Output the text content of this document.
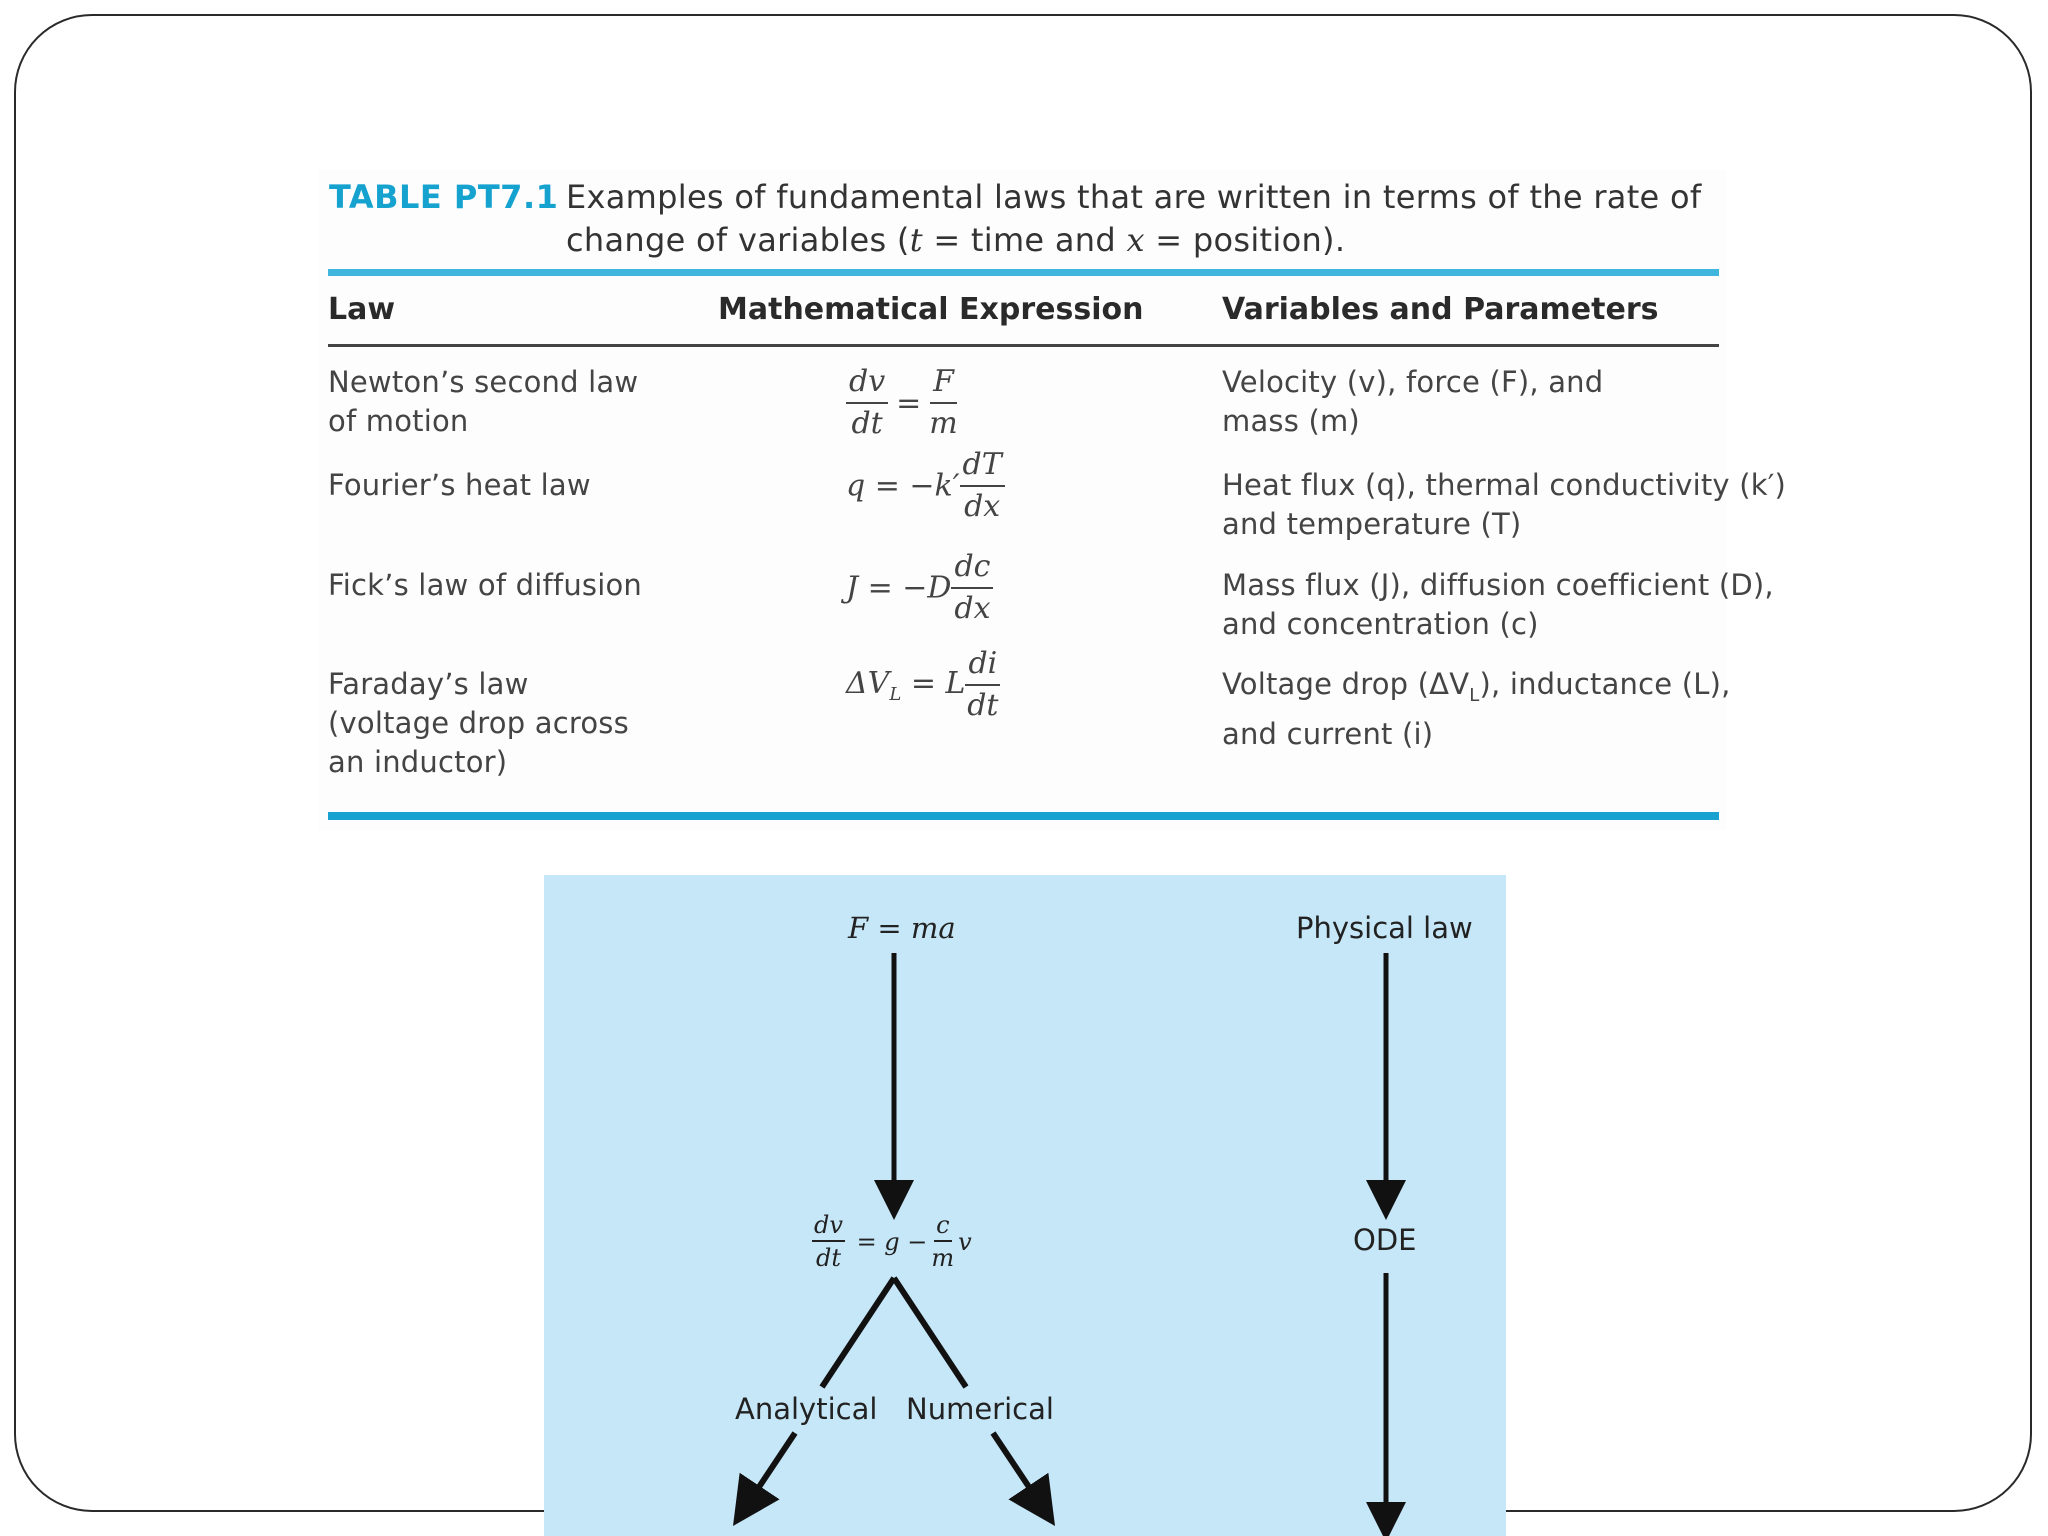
TABLE PT7.1 Examples of fundamental laws that are written in terms of the rate of
change of variables (t = time and x = position).
Law	Mathematical Expression	Variables and Parameters
Newton’s second law
of motion	$\frac{dv}{dt} = \frac{F}{m}$	Velocity (v), force (F), and
mass (m)
Fourier’s heat law	$q = -k' \frac{dT}{dx}$	Heat flux (q), thermal conductivity (k′)
and temperature (T)
Fick’s law of diffusion	$J = -D \frac{dc}{dx}$	Mass flux (J), diffusion coefficient (D),
and concentration (c)
Faraday’s law
(voltage drop across
an inductor)
$\Delta V_L = L \frac{di}{dt}$	Voltage drop $(\Delta V_L)$, inductance (L),
and current (i)
F = ma	Physical law
$\frac{dv}{dt} = g - \frac{c}{m}$ v	ODE
Analytical Numerical
